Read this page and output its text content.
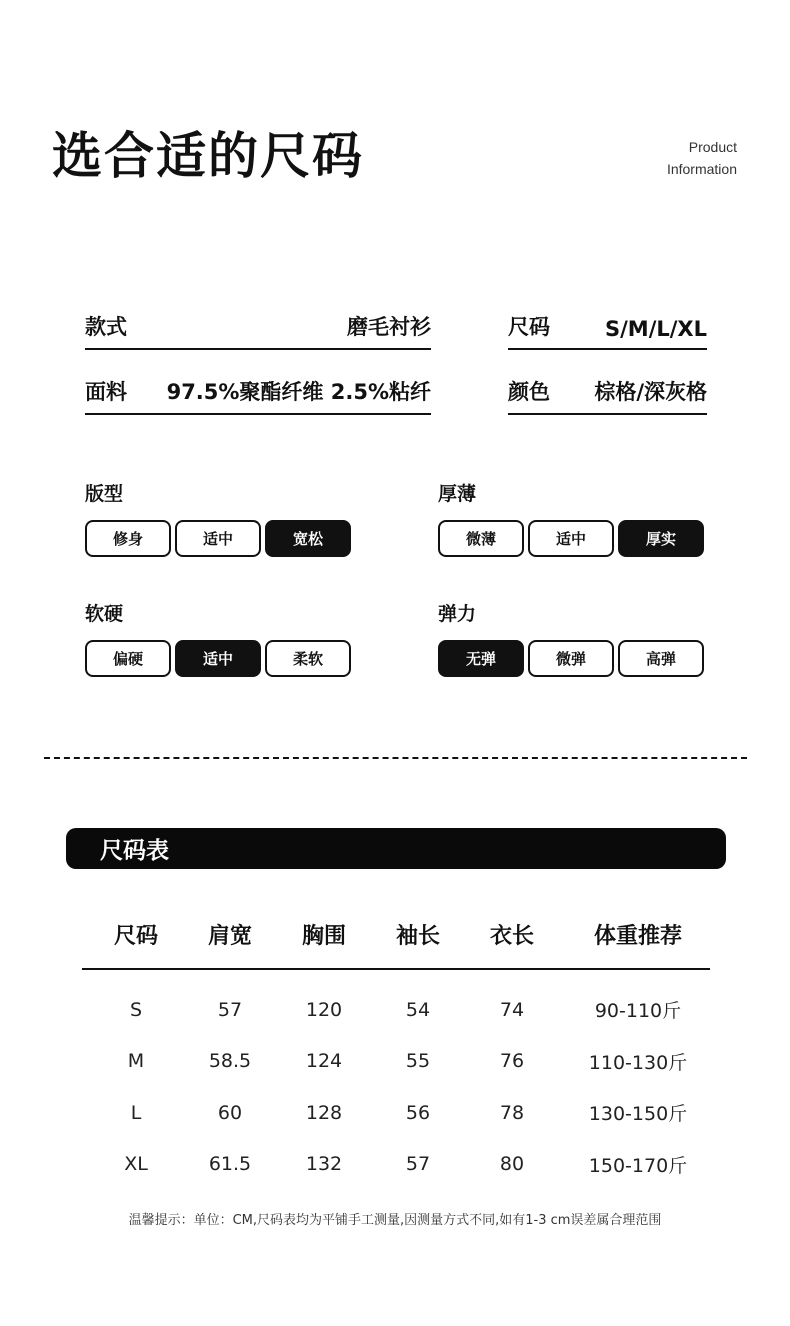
选合适的尺码	Product
Information
款式	磨毛衬衫	尺码	S/M/L/XL
面料 97.5%聚酯纤维 2.5%粘纤	颜色 棕格/深灰格
版型
修身	适中	宽松
厚薄
微薄	适中	厚实
软硬
偏硬	适中	柔软
弹力
无弹	微弹	高弹
尺码表
尺码	肩宽	胸围	袖长	衣长	体重推荐
S	57	120	54	74	90-110斤
M	58.5	124	55	76	110-130斤
L	60	128	56	78	130-150斤
XL	61.5	132	57	80	150-170斤
温馨提示：单位：CM,尺码表均为平铺手工测量,因测量方式不同,如有1-3 cm误差属合理范围
